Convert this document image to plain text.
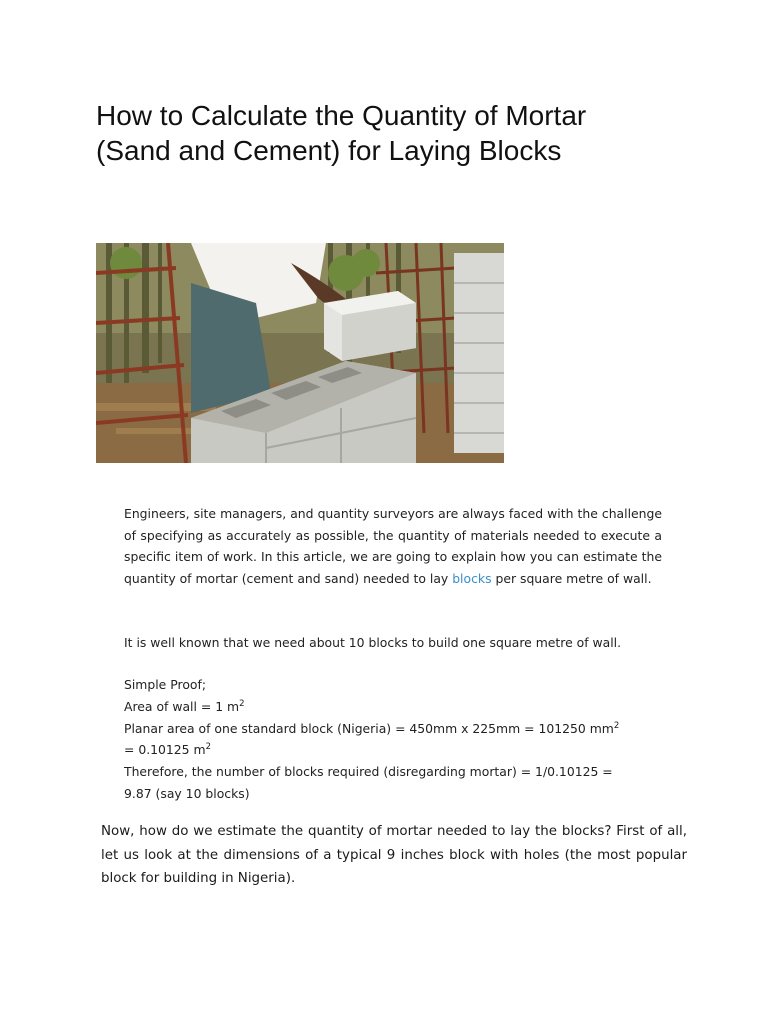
How to Calculate the Quantity of Mortar (Sand and Cement) for Laying Blocks

Engineers, site managers, and quantity surveyors are always faced with the challenge of specifying as accurately as possible, the quantity of materials needed to execute a specific item of work. In this article, we are going to explain how you can estimate the quantity of mortar (cement and sand) needed to lay blocks per square metre of wall.

It is well known that we need about 10 blocks to build one square metre of wall.

Simple Proof;
Area of wall = 1 $m^2$
Planar area of one standard block (Nigeria) = 450mm x 225mm = 101250 $mm^2$
= 0.10125 $m^2$
Therefore, the number of blocks required (disregarding mortar) = 1/0.10125 =
9.87 (say 10 blocks)

Now, how do we estimate the quantity of mortar needed to lay the blocks? First of all, let us look at the dimensions of a typical 9 inches block with holes (the most popular block for building in Nigeria).
